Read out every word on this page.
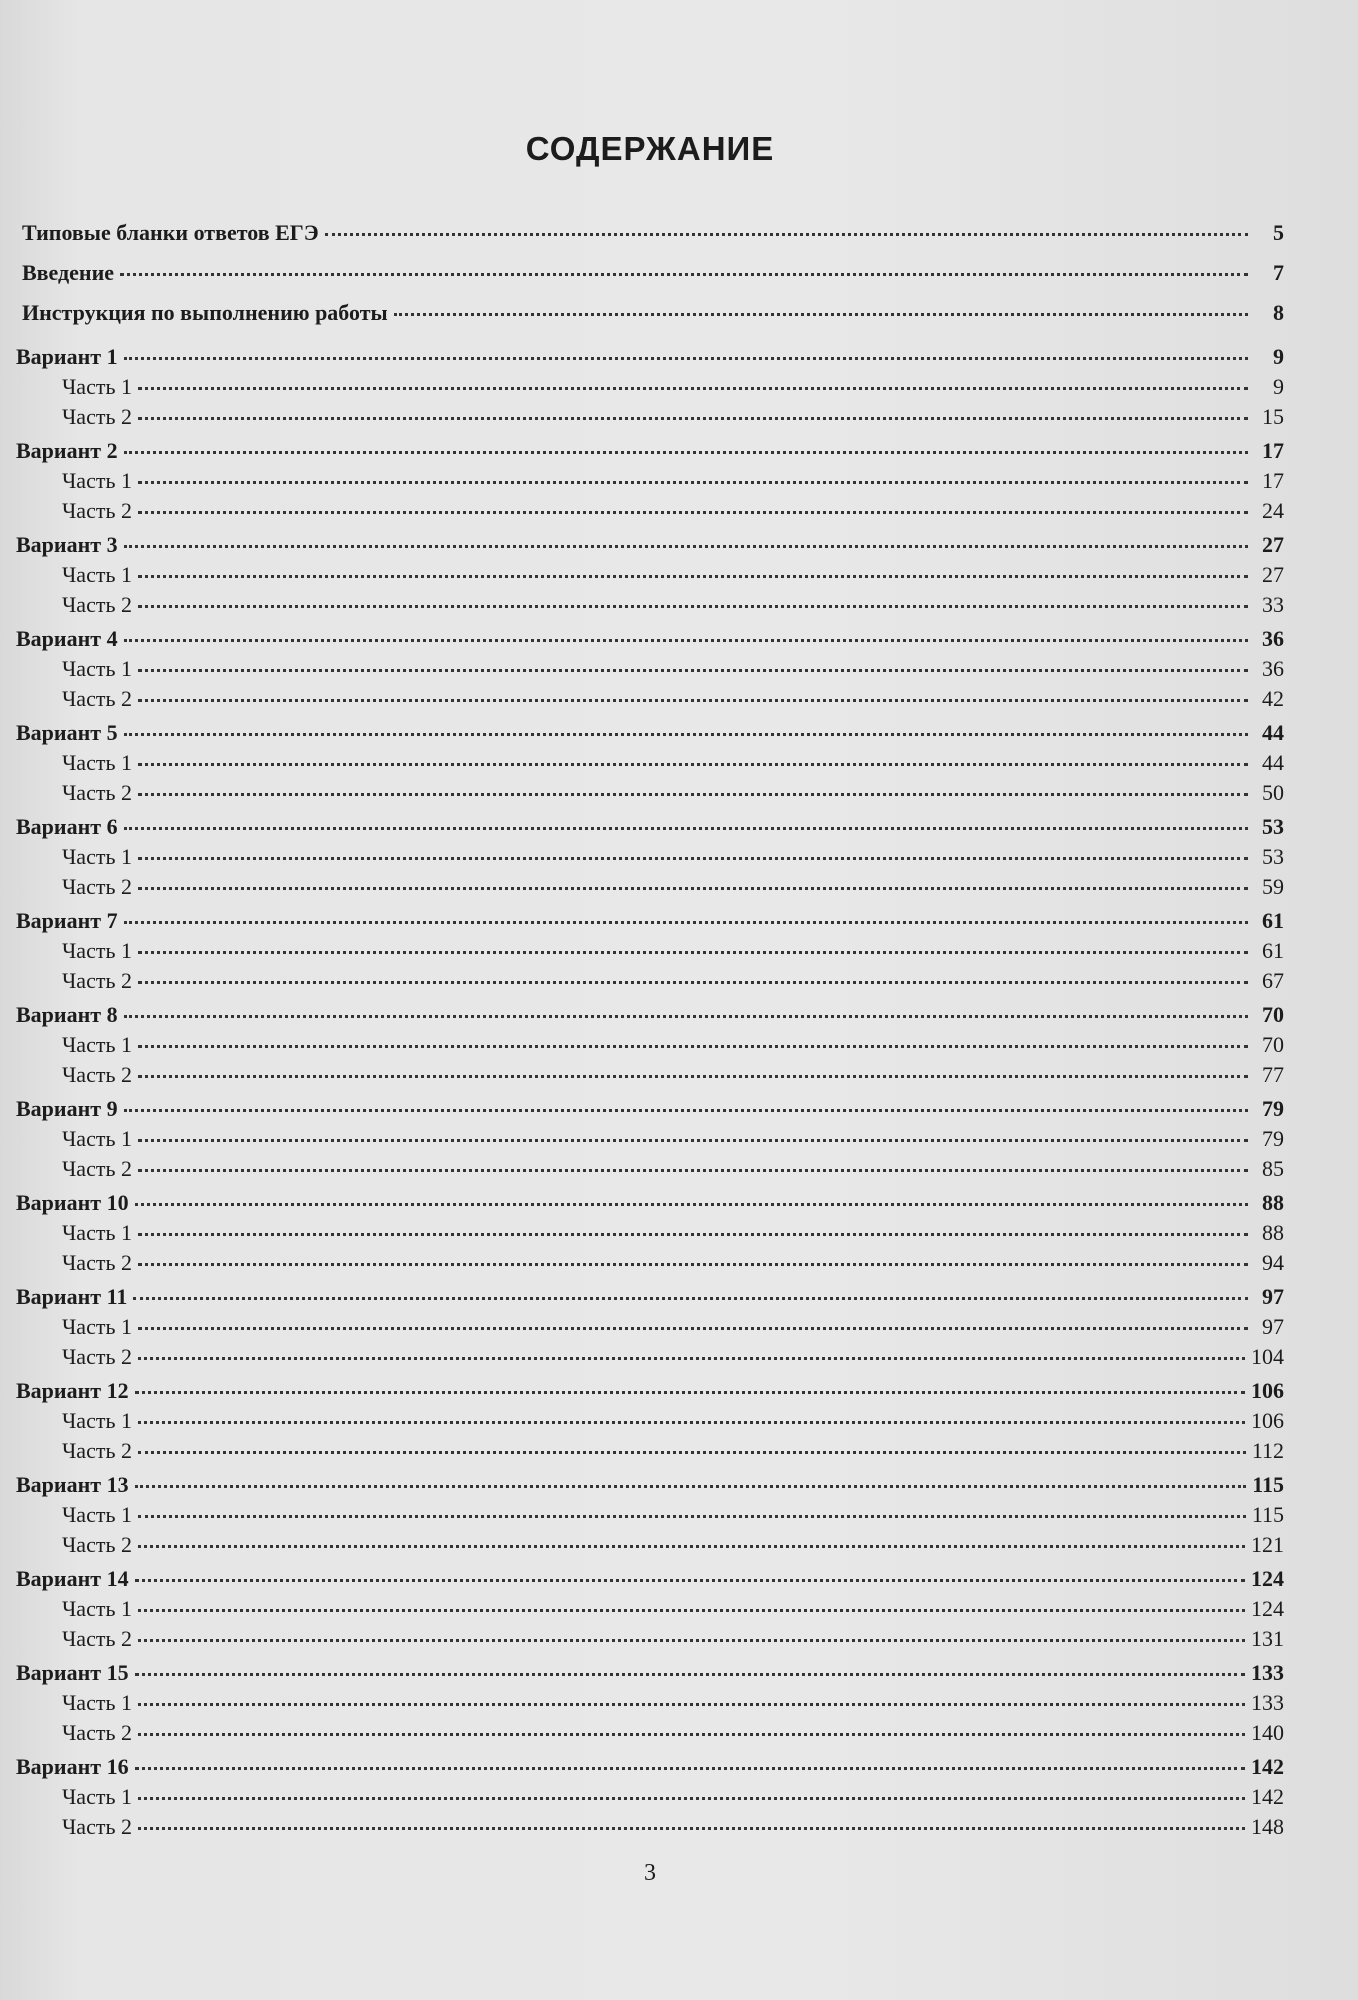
СОДЕРЖАНИЕ
Типовые бланки ответов ЕГЭ	5
Введение	7
Инструкция по выполнению работы	8
Вариант 1	9
Часть 1	9
Часть 2	15
Вариант 2	17
Часть 1	17
Часть 2	24
Вариант 3	27
Часть 1	27
Часть 2	33
Вариант 4	36
Часть 1	36
Часть 2	42
Вариант 5	44
Часть 1	44
Часть 2	50
Вариант 6	53
Часть 1	53
Часть 2	59
Вариант 7	61
Часть 1	61
Часть 2	67
Вариант 8	70
Часть 1	70
Часть 2	77
Вариант 9	79
Часть 1	79
Часть 2	85
Вариант 10	88
Часть 1	88
Часть 2	94
Вариант 11	97
Часть 1	97
Часть 2	104
Вариант 12	106
Часть 1	106
Часть 2	112
Вариант 13	115
Часть 1	115
Часть 2	121
Вариант 14	124
Часть 1	124
Часть 2	131
Вариант 15	133
Часть 1	133
Часть 2	140
Вариант 16	142
Часть 1	142
Часть 2	148
3
